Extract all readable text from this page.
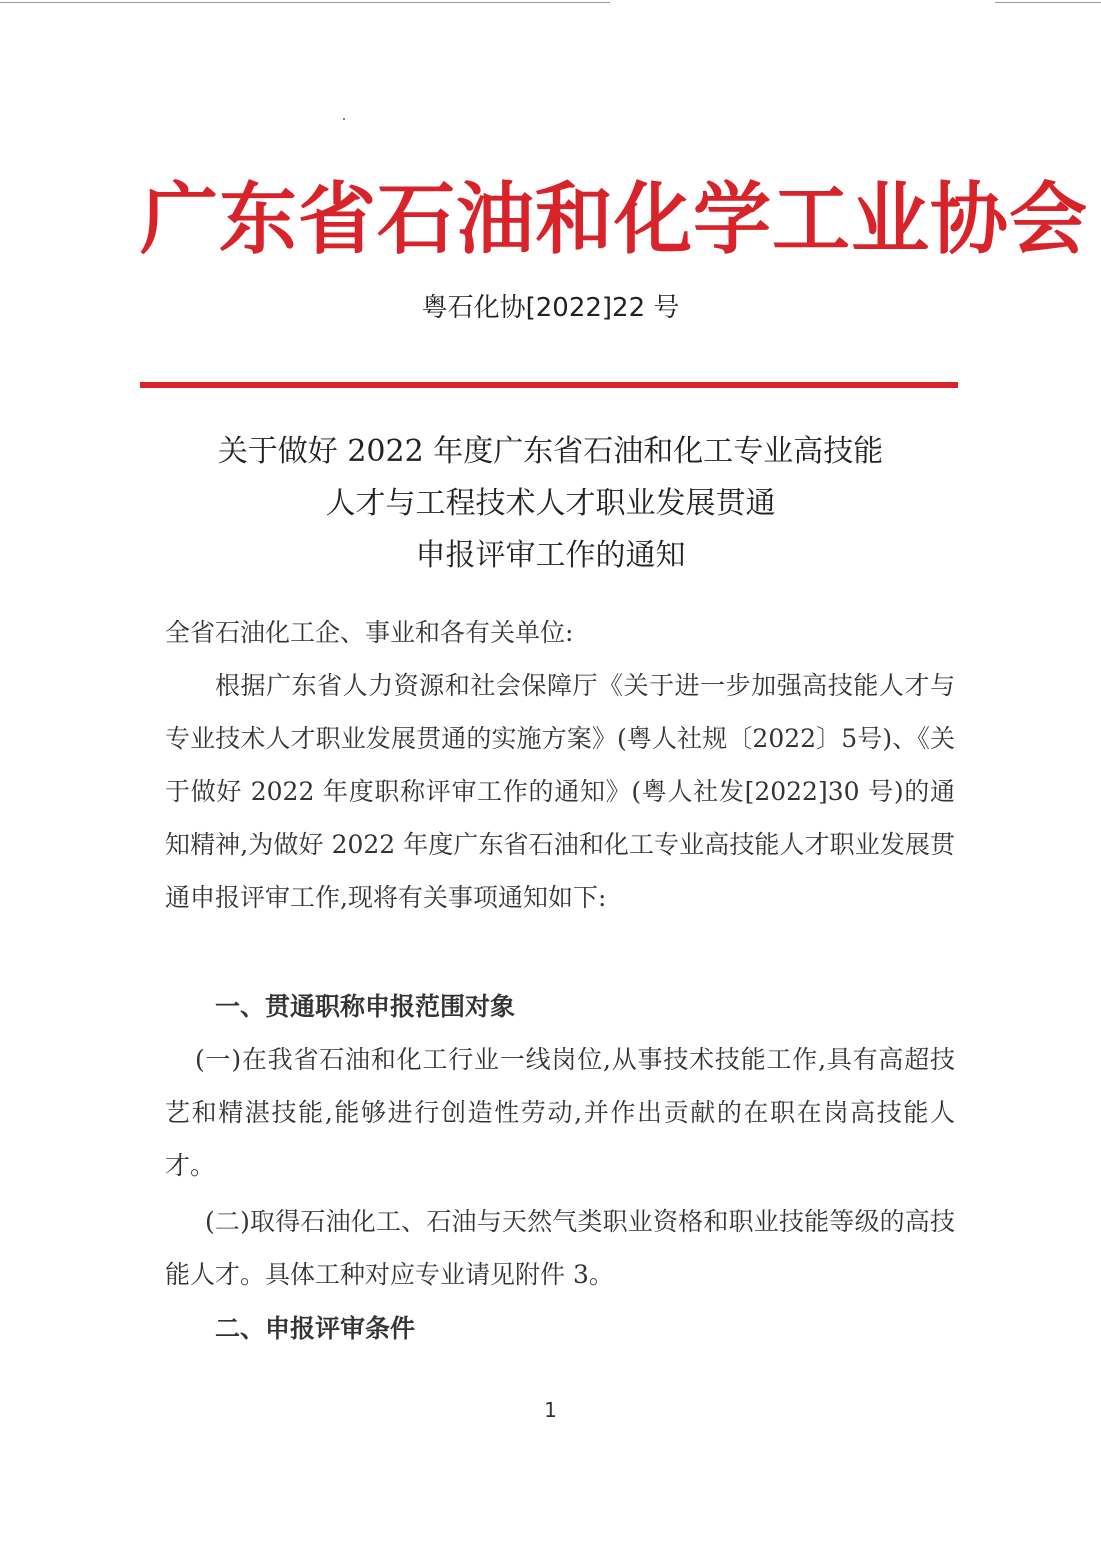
广东省石油和化学工业协会
粤石化协[2022]22 号
关于做好 2022 年度广东省石油和化工专业高技能
人才与工程技术人才职业发展贯通
申报评审工作的通知

全省石油化工企、事业和各有关单位:

根据广东省人力资源和社会保障厅《关于进一步加强高技能人才与专业技术人才职业发展贯通的实施方案》(粤人社规〔2022〕5号)、《关于做好 2022 年度职称评审工作的通知》(粤人社发[2022]30 号)的通知精神,为做好 2022 年度广东省石油和化工专业高技能人才职业发展贯通申报评审工作,现将有关事项通知如下:

一、贯通职称申报范围对象

(一)在我省石油和化工行业一线岗位,从事技术技能工作,具有高超技艺和精湛技能,能够进行创造性劳动,并作出贡献的在职在岗高技能人才。

(二)取得石油化工、石油与天然气类职业资格和职业技能等级的高技能人才。具体工种对应专业请见附件 3。

二、申报评审条件

1
